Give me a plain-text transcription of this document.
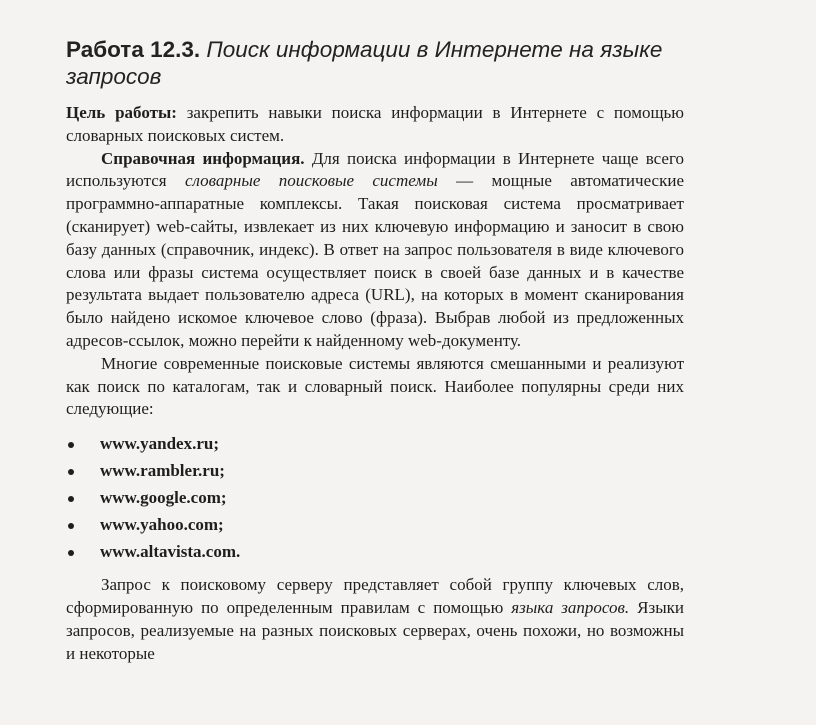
Работа 12.3. Поиск информации в Интернете на языке запросов

Цель работы: закрепить навыки поиска информации в Интернете с помощью словарных поисковых систем.

Справочная информация. Для поиска информации в Интернете чаще всего используются словарные поисковые системы — мощные автоматические программно-аппаратные комплексы. Такая поисковая система просматривает (сканирует) web-сайты, извлекает из них ключевую информацию и заносит в свою базу данных (справочник, индекс). В ответ на запрос пользователя в виде ключевого слова или фразы система осуществляет поиск в своей базе данных и в качестве результата выдает пользователю адреса (URL), на которых в момент сканирования было найдено искомое ключевое слово (фраза). Выбрав любой из предложенных адресов-ссылок, можно перейти к найденному web-документу.

Многие современные поисковые системы являются смешанными и реализуют как поиск по каталогам, так и словарный поиск. Наиболее популярны среди них следующие:

www.yandex.ru;
www.rambler.ru;
www.google.com;
www.yahoo.com;
www.altavista.com.

Запрос к поисковому серверу представляет собой группу ключевых слов, сформированную по определенным правилам с помощью языка запросов. Языки запросов, реализуемые на разных поисковых серверах, очень похожи, но возможны и некоторые
